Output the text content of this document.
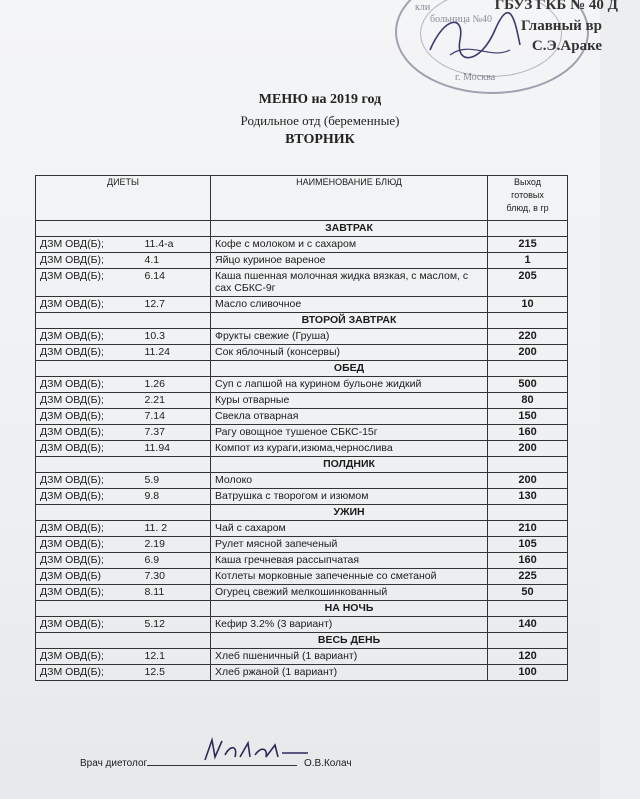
кли
больница №40
г. Москва
ГБУЗ ГКБ № 40 Д
Главный вр
С.Э.Араке
МЕНЮ на 2019 год
Родильное отд (беременные)
ВТОРНИК
ДИЕТЫ		НАИМЕНОВАНИЕ БЛЮД	Выход
готовых
блюд, в гр

		ЗАВТРАК	
ДЗМ ОВД(Б);	11.4-а	Кофе с молоком и с сахаром	215
ДЗМ ОВД(Б);	4.1	Яйцо куриное вареное	1
ДЗМ ОВД(Б);	6.14	Каша пшенная молочная жидка вязкая, с маслом, с сах СБКС-9г	205
ДЗМ ОВД(Б);	12.7	Масло сливочное	10
		ВТОРОЙ ЗАВТРАК	
ДЗМ ОВД(Б);	10.3	Фрукты свежие (Груша)	220
ДЗМ ОВД(Б);	11.24	Сок яблочный (консервы)	200
		ОБЕД	
ДЗМ ОВД(Б);	1.26	Суп с лапшой на курином бульоне жидкий	500
ДЗМ ОВД(Б);	2.21	Куры отварные	80
ДЗМ ОВД(Б);	7.14	Свекла отварная	150
ДЗМ ОВД(Б);	7.37	Рагу овощное тушеное СБКС-15г	160
ДЗМ ОВД(Б);	11.94	Компот из кураги,изюма,чернослива	200
		ПОЛДНИК	
ДЗМ ОВД(Б);	5.9	Молоко	200
ДЗМ ОВД(Б);	9.8	Ватрушка с творогом и изюмом	130
		УЖИН	
ДЗМ ОВД(Б);	11. 2	Чай с сахаром	210
ДЗМ ОВД(Б);	2.19	Рулет мясной запеченый	105
ДЗМ ОВД(Б);	6.9	Каша гречневая рассыпчатая	160
ДЗМ ОВД(Б)	7.30	Котлеты морковные запеченные со сметаной	225
ДЗМ ОВД(Б);	8.11	Огурец свежий мелкошинкованный	50
		НА НОЧЬ	
ДЗМ ОВД(Б);	5.12	Кефир 3.2% (3 вариант)	140
		ВЕСЬ ДЕНЬ	
ДЗМ ОВД(Б);	12.1	Хлеб пшеничный (1 вариант)	120
ДЗМ ОВД(Б);	12.5	Хлеб ржаной (1 вариант)	100
Врач диетолог	О.В.Колач
